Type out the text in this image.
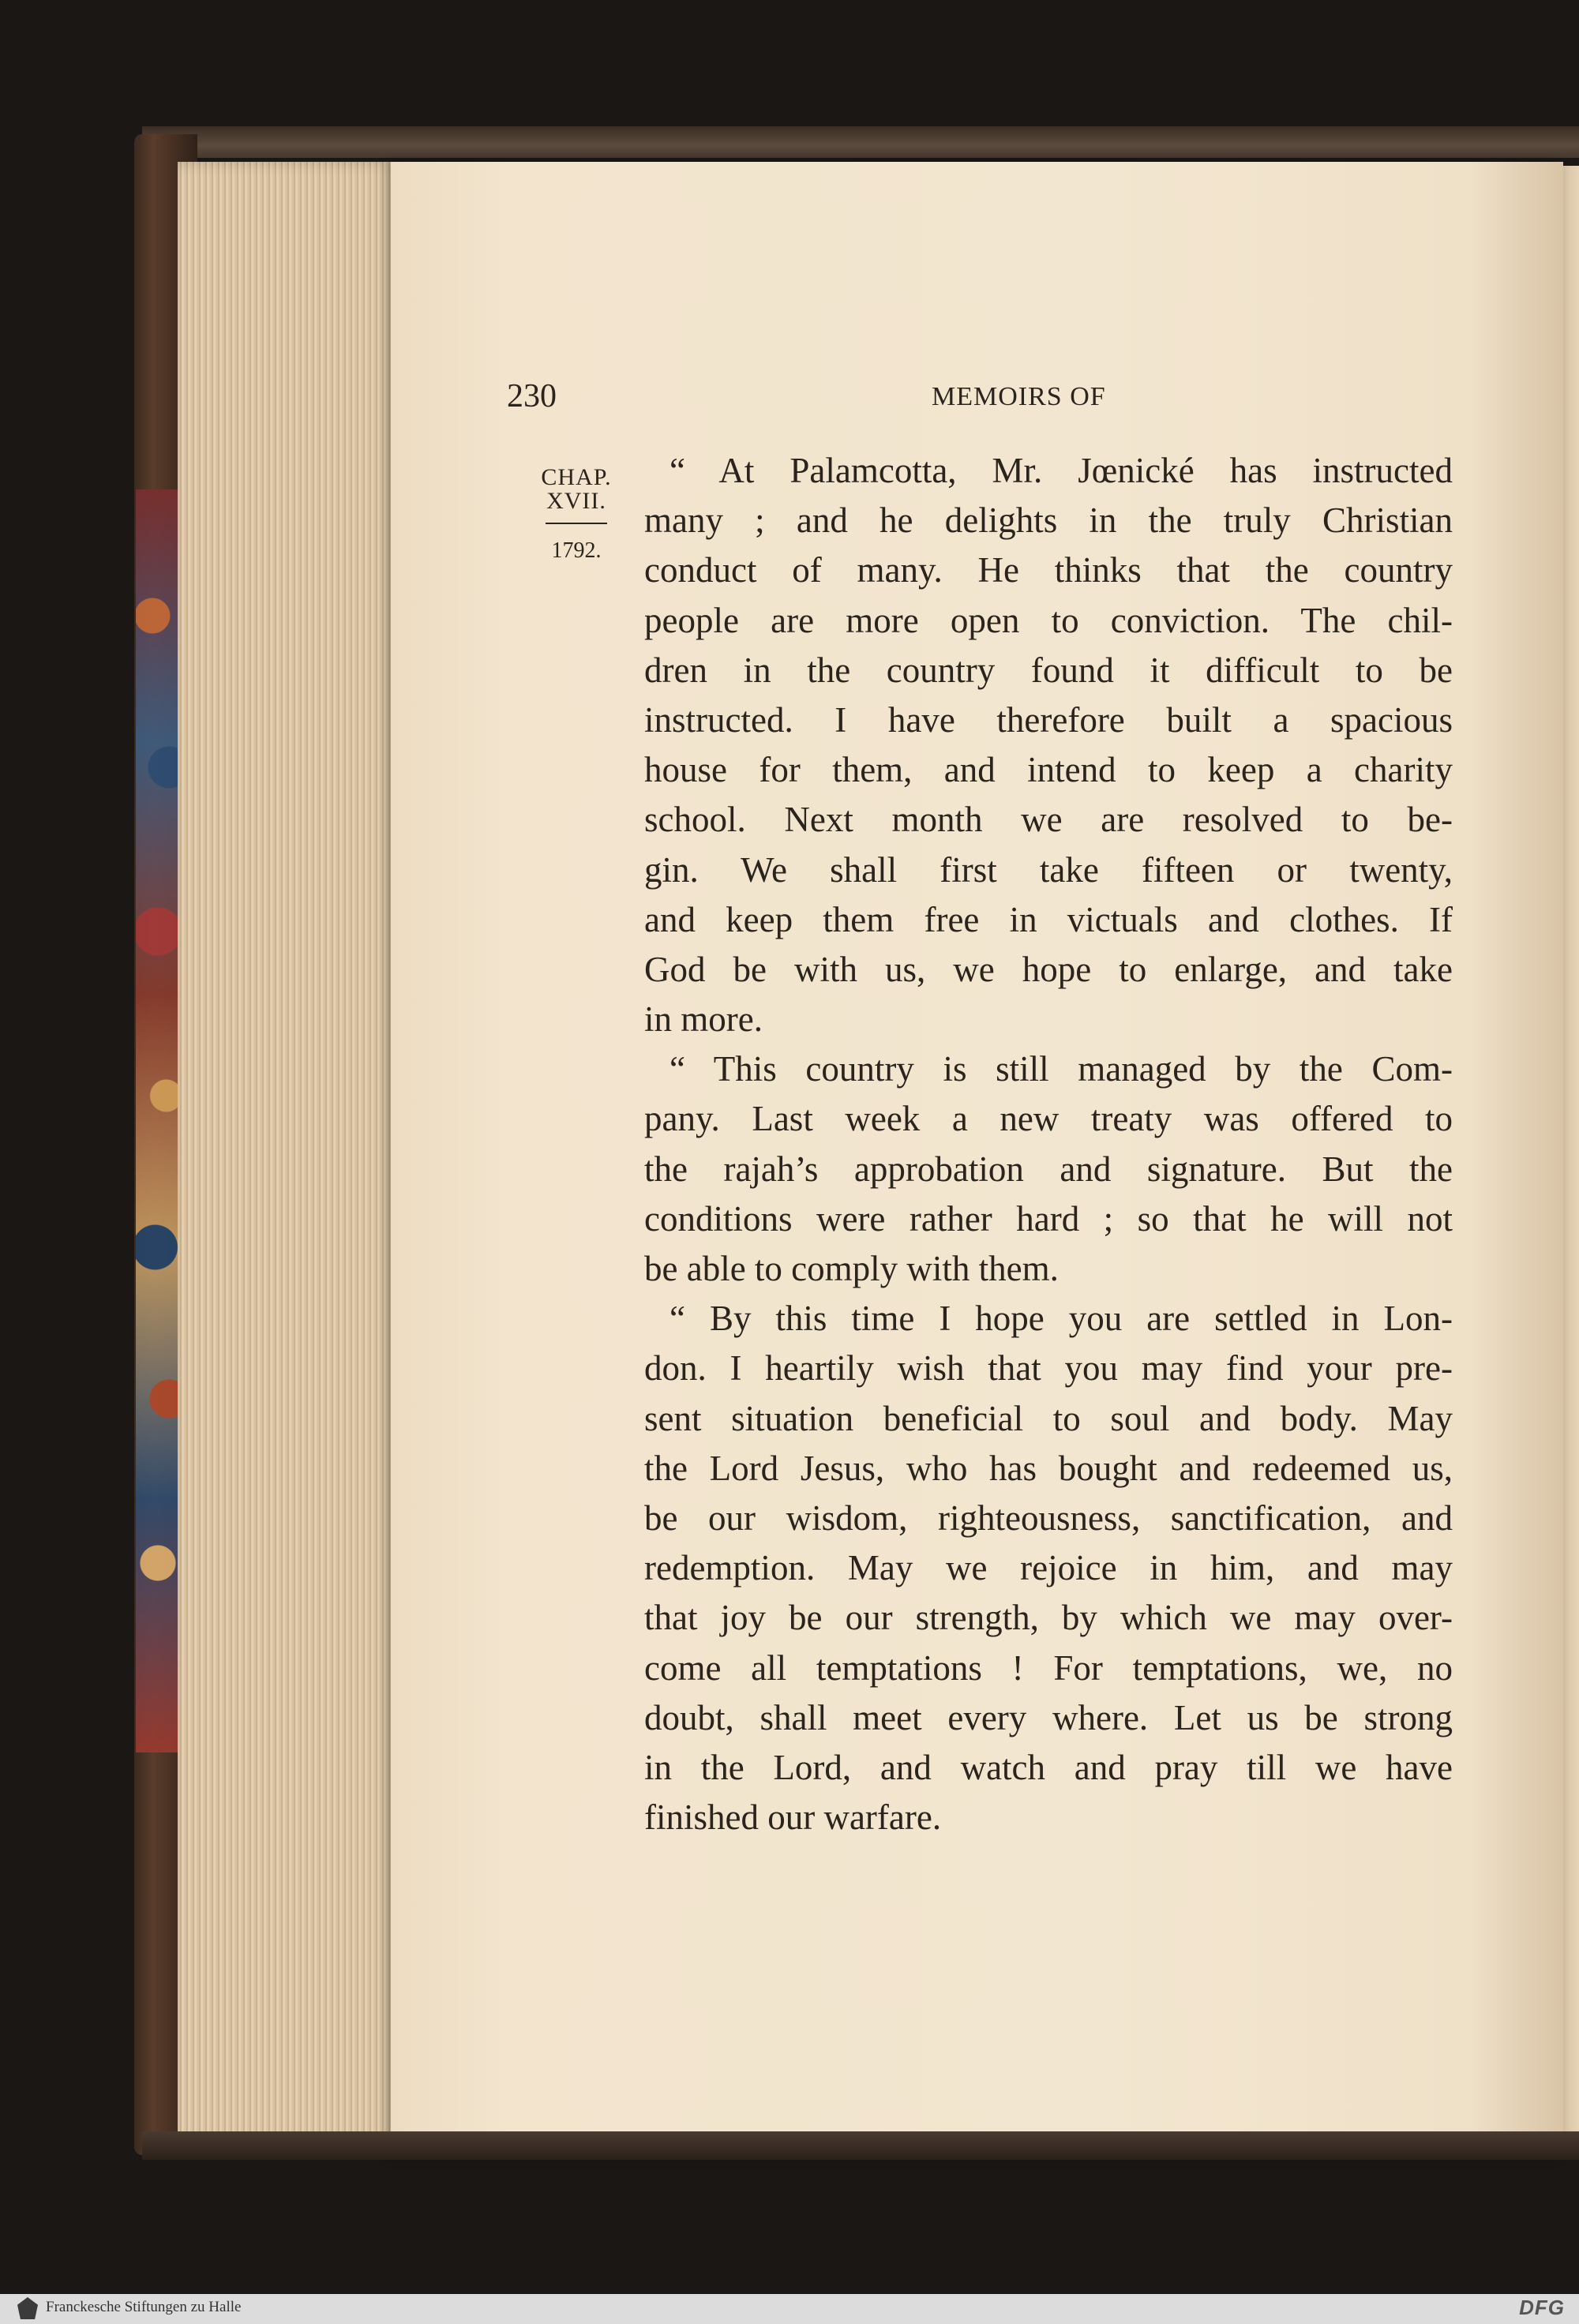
230	MEMOIRS OF
CHAP.
XVII.
1792.
“ At Palamcotta, Mr. Jœnické has instructed
many ; and he delights in the truly Christian
conduct of many. He thinks that the country
people are more open to conviction. The chil-
dren in the country found it difficult to be
instructed. I have therefore built a spacious
house for them, and intend to keep a charity
school. Next month we are resolved to be-
gin. We shall first take fifteen or twenty,
and keep them free in victuals and clothes. If
God be with us, we hope to enlarge, and take
in more.
“ This country is still managed by the Com-
pany. Last week a new treaty was offered to
the rajah’s approbation and signature. But the
conditions were rather hard ; so that he will not
be able to comply with them.
“ By this time I hope you are settled in Lon-
don. I heartily wish that you may find your pre-
sent situation beneficial to soul and body. May
the Lord Jesus, who has bought and redeemed us,
be our wisdom, righteousness, sanctification, and
redemption. May we rejoice in him, and may
that joy be our strength, by which we may over-
come all temptations ! For temptations, we, no
doubt, shall meet every where. Let us be strong
in the Lord, and watch and pray till we have
finished our warfare.
Franckesche Stiftungen zu Halle	DFG
